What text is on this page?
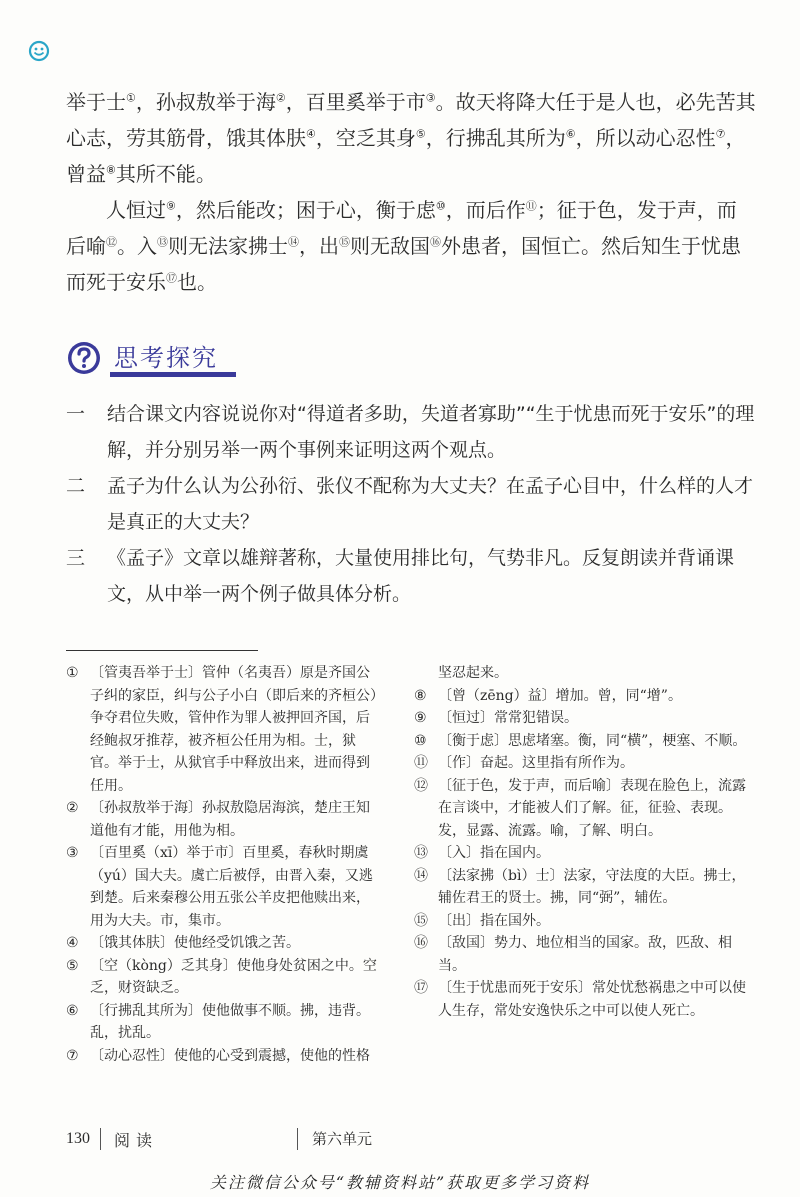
举于士①，孙叔敖举于海②，百里奚举于市③。故天将降大任于是人也，必先苦其心志，劳其筋骨，饿其体肤④，空乏其身⑤，行拂乱其所为⑥，所以动心忍性⑦，曾益⑧其所不能。

人恒过⑨，然后能改；困于心，衡于虑⑩，而后作⑪；征于色，发于声，而后喻⑫。入⑬则无法家拂士⑭，出⑮则无敌国⑯外患者，国恒亡。然后知生于忧患而死于安乐⑰也。

思考探究
一 结合课文内容说说你对“得道者多助，失道者寡助”“生于忧患而死于安乐”的理解，并分别另举一两个事例来证明这两个观点。
二 孟子为什么认为公孙衍、张仪不配称为大丈夫？在孟子心目中，什么样的人才是真正的大丈夫？
三 《孟子》文章以雄辩著称，大量使用排比句，气势非凡。反复朗读并背诵课文，从中举一两个例子做具体分析。
① 〔管夷吾举于士〕管仲（名夷吾）原是齐国公子纠的家臣，纠与公子小白（即后来的齐桓公）争夺君位失败，管仲作为罪人被押回齐国，后经鲍叔牙推荐，被齐桓公任用为相。士，狱官。举于士，从狱官手中释放出来，进而得到任用。
② 〔孙叔敖举于海〕孙叔敖隐居海滨，楚庄王知道他有才能，用他为相。
③ 〔百里奚（xī）举于市〕百里奚，春秋时期虞（yú）国大夫。虞亡后被俘，由晋入秦，又逃到楚。后来秦穆公用五张公羊皮把他赎出来，用为大夫。市，集市。
④ 〔饿其体肤〕使他经受饥饿之苦。
⑤ 〔空（kòng）乏其身〕使他身处贫困之中。空乏，财资缺乏。
⑥ 〔行拂乱其所为〕使他做事不顺。拂，违背。乱，扰乱。
⑦ 〔动心忍性〕使他的心受到震撼，使他的性格
坚忍起来。
⑧ 〔曾（zēng）益〕增加。曾，同“增”。
⑨ 〔恒过〕常常犯错误。
⑩ 〔衡于虑〕思虑堵塞。衡，同“横”，梗塞、不顺。
⑪ 〔作〕奋起。这里指有所作为。
⑫ 〔征于色，发于声，而后喻〕表现在脸色上，流露在言谈中，才能被人们了解。征，征验、表现。发，显露、流露。喻，了解、明白。
⑬ 〔入〕指在国内。
⑭ 〔法家拂（bì）士〕法家，守法度的大臣。拂士，辅佐君王的贤士。拂，同“弼”，辅佐。
⑮ 〔出〕指在国外。
⑯ 〔敌国〕势力、地位相当的国家。敌，匹敌、相当。
⑰ 〔生于忧患而死于安乐〕常处忧愁祸患之中可以使人生存，常处安逸快乐之中可以使人死亡。
130 阅读	第六单元
关注微信公众号“教辅资料站”获取更多学习资料
